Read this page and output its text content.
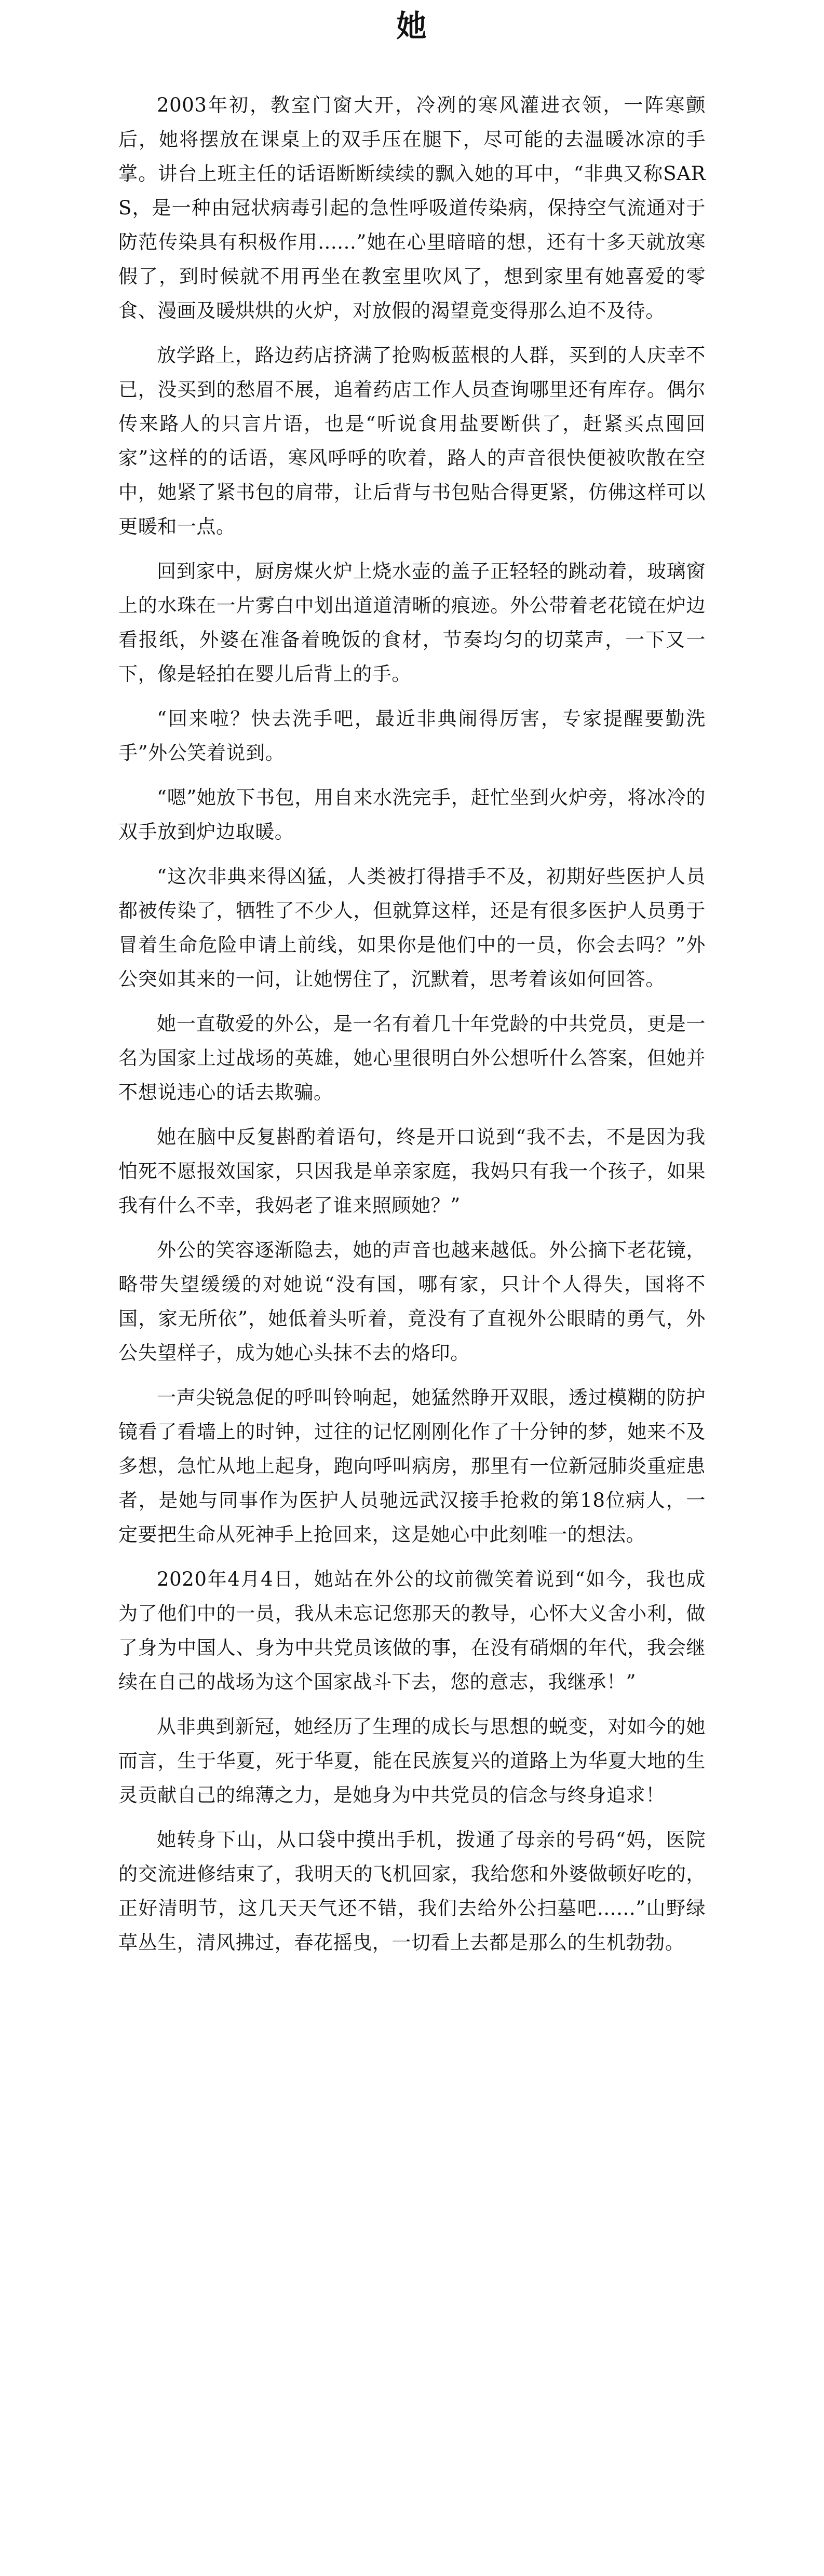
她

2003年初，教室门窗大开，冷冽的寒风灌进衣领，一阵寒颤后，她将摆放在课桌上的双手压在腿下，尽可能的去温暖冰凉的手掌。讲台上班主任的话语断断续续的飘入她的耳中，“非典又称SARS，是一种由冠状病毒引起的急性呼吸道传染病，保持空气流通对于防范传染具有积极作用......”她在心里暗暗的想，还有十多天就放寒假了，到时候就不用再坐在教室里吹风了，想到家里有她喜爱的零食、漫画及暖烘烘的火炉，对放假的渴望竟变得那么迫不及待。

放学路上，路边药店挤满了抢购板蓝根的人群，买到的人庆幸不已，没买到的愁眉不展，追着药店工作人员查询哪里还有库存。偶尔传来路人的只言片语，也是“听说食用盐要断供了，赶紧买点囤回家”这样的的话语，寒风呼呼的吹着，路人的声音很快便被吹散在空中，她紧了紧书包的肩带，让后背与书包贴合得更紧，仿佛这样可以更暖和一点。

回到家中，厨房煤火炉上烧水壶的盖子正轻轻的跳动着，玻璃窗上的水珠在一片雾白中划出道道清晰的痕迹。外公带着老花镜在炉边看报纸，外婆在准备着晚饭的食材，节奏均匀的切菜声，一下又一下，像是轻拍在婴儿后背上的手。

“回来啦？快去洗手吧，最近非典闹得厉害，专家提醒要勤洗手”外公笑着说到。

“嗯”她放下书包，用自来水洗完手，赶忙坐到火炉旁，将冰冷的双手放到炉边取暖。

“这次非典来得凶猛，人类被打得措手不及，初期好些医护人员都被传染了，牺牲了不少人，但就算这样，还是有很多医护人员勇于冒着生命危险申请上前线，如果你是他们中的一员，你会去吗？”外公突如其来的一问，让她愣住了，沉默着，思考着该如何回答。

她一直敬爱的外公，是一名有着几十年党龄的中共党员，更是一名为国家上过战场的英雄，她心里很明白外公想听什么答案，但她并不想说违心的话去欺骗。

她在脑中反复斟酌着语句，终是开口说到“我不去，不是因为我怕死不愿报效国家，只因我是单亲家庭，我妈只有我一个孩子，如果我有什么不幸，我妈老了谁来照顾她？”

外公的笑容逐渐隐去，她的声音也越来越低。外公摘下老花镜，略带失望缓缓的对她说“没有国，哪有家，只计个人得失，国将不国，家无所依”，她低着头听着，竟没有了直视外公眼睛的勇气，外公失望样子，成为她心头抹不去的烙印。

一声尖锐急促的呼叫铃响起，她猛然睁开双眼，透过模糊的防护镜看了看墙上的时钟，过往的记忆刚刚化作了十分钟的梦，她来不及多想，急忙从地上起身，跑向呼叫病房，那里有一位新冠肺炎重症患者，是她与同事作为医护人员驰远武汉接手抢救的第18位病人，一定要把生命从死神手上抢回来，这是她心中此刻唯一的想法。

2020年4月4日，她站在外公的坟前微笑着说到“如今，我也成为了他们中的一员，我从未忘记您那天的教导，心怀大义舍小利，做了身为中国人、身为中共党员该做的事，在没有硝烟的年代，我会继续在自己的战场为这个国家战斗下去，您的意志，我继承！”

从非典到新冠，她经历了生理的成长与思想的蜕变，对如今的她而言，生于华夏，死于华夏，能在民族复兴的道路上为华夏大地的生灵贡献自己的绵薄之力，是她身为中共党员的信念与终身追求！

她转身下山，从口袋中摸出手机，拨通了母亲的号码“妈，医院的交流进修结束了，我明天的飞机回家，我给您和外婆做顿好吃的，正好清明节，这几天天气还不错，我们去给外公扫墓吧......”山野绿草丛生，清风拂过，春花摇曳，一切看上去都是那么的生机勃勃。
